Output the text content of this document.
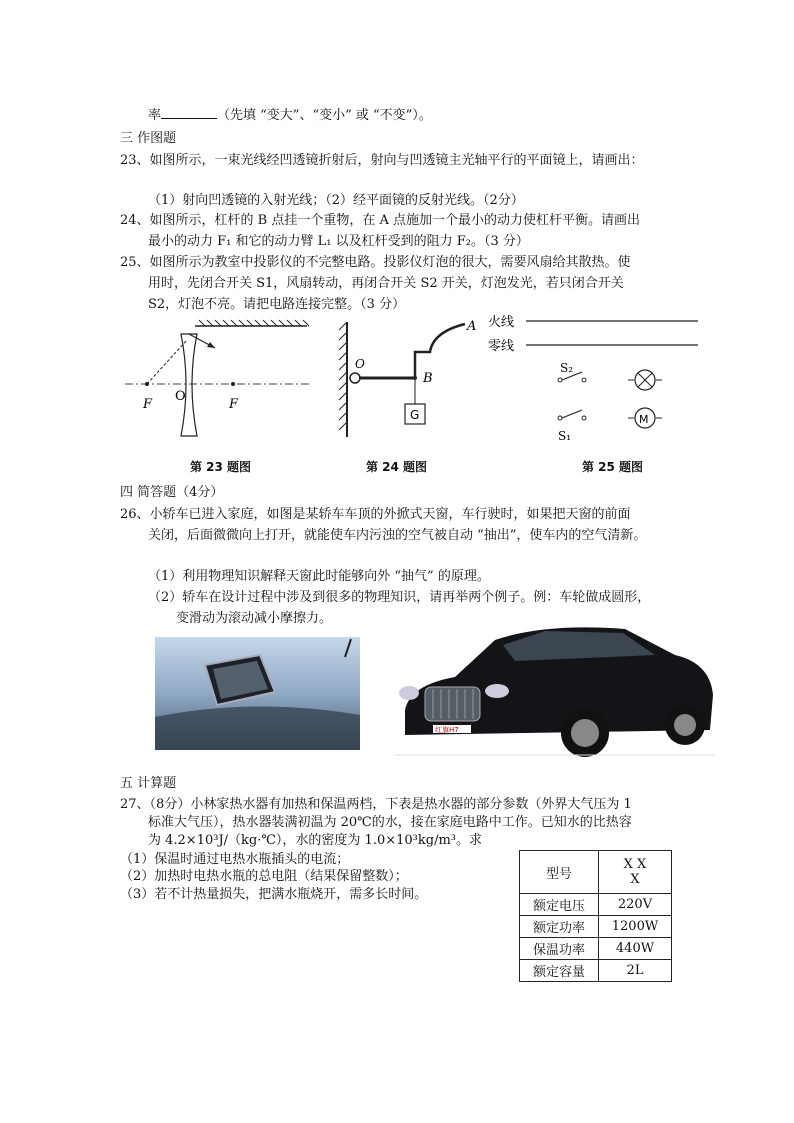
率	（先填 “变大”、“变小” 或 “不变”）。
三 作图题
23、如图所示，一束光线经凹透镜折射后，射向与凹透镜主光轴平行的平面镜上，请画出：
（1）射向凹透镜的入射光线；（2）经平面镜的反射光线。（2分）
24、如图所示，杠杆的 B 点挂一个重物，在 A 点施加一个最小的动力使杠杆平衡。请画出
最小的动力 F₁ 和它的动力臂 L₁ 以及杠杆受到的阻力 F₂。（3 分）
25、如图所示为教室中投影仪的不完整电路。投影仪灯泡的很大，需要风扇给其散热。使
用时，先闭合开关 S1，风扇转动，再闭合开关 S2 开关，灯泡发光，若只闭合开关
S2，灯泡不亮。请把电路连接完整。（3 分）
F
O
F
第 23 题图
A
O
B
G
第 24 题图
火线
零线
S₂
S₁
M
第 25 题图
四 简答题（4分）
26、小轿车已进入家庭，如图是某轿车车顶的外掀式天窗，车行驶时，如果把天窗的前面
关闭，后面微微向上打开，就能使车内污浊的空气被自动 “抽出”，使车内的空气清新。
（1）利用物理知识解释天窗此时能够向外 “抽气” 的原理。
（2）轿车在设计过程中涉及到很多的物理知识，请再举两个例子。例：车轮做成圆形，
变滑动为滚动减小摩擦力。
红旗H7
五 计算题
27、（8分）小林家热水器有加热和保温两档，下表是热水器的部分参数（外界大气压为 1
标准大气压），热水器装满初温为 20℃的水，接在家庭电路中工作。已知水的比热容
为 4.2×10³J/（kg·℃），水的密度为 1.0×10³kg/m³。求
（1）保温时通过电热水瓶插头的电流；
（2）加热时电热水瓶的总电阻（结果保留整数）；
（3）若不计热量损失，把满水瓶烧开，需多长时间。
型号	X X
X

额定电压	220V
额定功率	1200W
保温功率	440W
额定容量	2L
